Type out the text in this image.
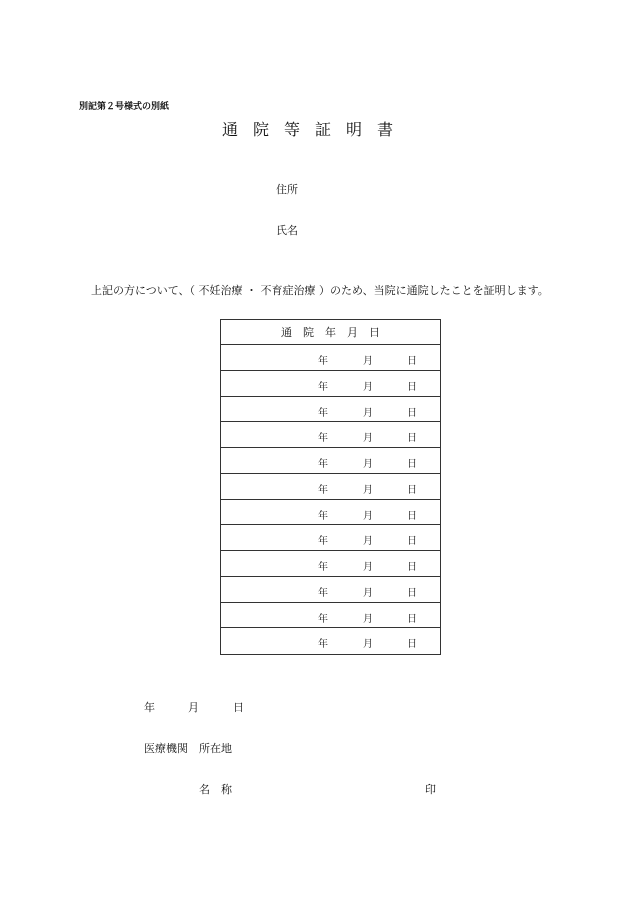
別記第２号様式の別紙
通院等証明書
住所
氏名
上記の方について、（ 不妊治療 ・ 不育症治療 ）のため、当院に通院したことを証明します。
通 院 年 月 日
年	月	日
年	月	日
年	月	日
年	月	日
年	月	日
年	月	日
年	月	日
年	月	日
年	月	日
年	月	日
年	月	日
年	月	日
年	月	日
医療機関　所在地
名　称	印
